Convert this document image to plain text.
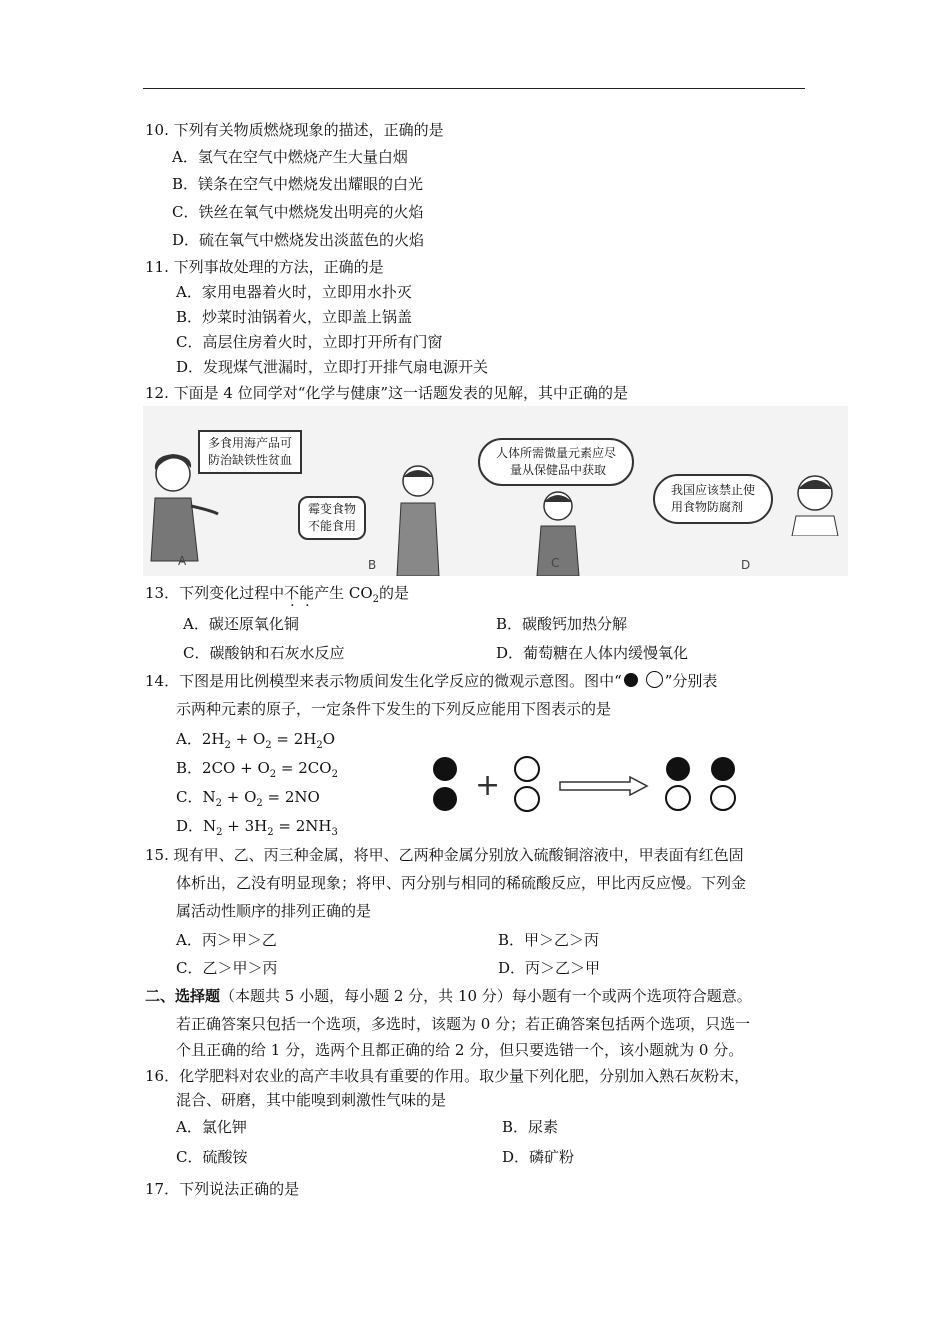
10. 下列有关物质燃烧现象的描述，正确的是
A．氢气在空气中燃烧产生大量白烟
B．镁条在空气中燃烧发出耀眼的白光
C．铁丝在氧气中燃烧发出明亮的火焰
D．硫在氧气中燃烧发出淡蓝色的火焰
11. 下列事故处理的方法，正确的是
A．家用电器着火时，立即用水扑灭
B．炒菜时油锅着火，立即盖上锅盖
C．高层住房着火时，立即打开所有门窗
D．发现煤气泄漏时，立即打开排气扇电源开关
12. 下面是 4 位同学对“化学与健康”这一话题发表的见解，其中正确的是
多食用海产品可
防治缺铁性贫血
A
霉变食物
不能食用
B
人体所需微量元素应尽
量从保健品中获取
C
我国应该禁止使
用食物防腐剂
D
13．下列变化过程中不能产生 $CO_2$的是
A．碳还原氧化铜	B．碳酸钙加热分解
C．碳酸钠和石灰水反应	D．葡萄糖在人体内缓慢氧化
14．下图是用比例模型来表示物质间发生化学反应的微观示意图。图中“	”分别表
示两种元素的原子，一定条件下发生的下列反应能用下图表示的是
A．$2H_2 + O_2 = 2H_2O$
B．$2CO + O_2 = 2CO_2$
C．$N_2 + O_2 = 2NO$
D．$N_2 + 3H_2 = 2NH_3$
+
15. 现有甲、乙、丙三种金属，将甲、乙两种金属分别放入硫酸铜溶液中，甲表面有红色固
体析出，乙没有明显现象；将甲、丙分别与相同的稀硫酸反应，甲比丙反应慢。下列金
属活动性顺序的排列正确的是
A．丙＞甲＞乙	B．甲＞乙＞丙
C．乙＞甲＞丙	D．丙＞乙＞甲
二、选择题（本题共 5 小题，每小题 2 分，共 10 分）每小题有一个或两个选项符合题意。
若正确答案只包括一个选项，多选时，该题为 0 分；若正确答案包括两个选项，只选一
个且正确的给 1 分，选两个且都正确的给 2 分，但只要选错一个，该小题就为 0 分。
16．化学肥料对农业的高产丰收具有重要的作用。取少量下列化肥，分别加入熟石灰粉末，
混合、研磨，其中能嗅到刺激性气味的是
A．氯化钾	B．尿素
C．硫酸铵	D．磷矿粉
17．下列说法正确的是
